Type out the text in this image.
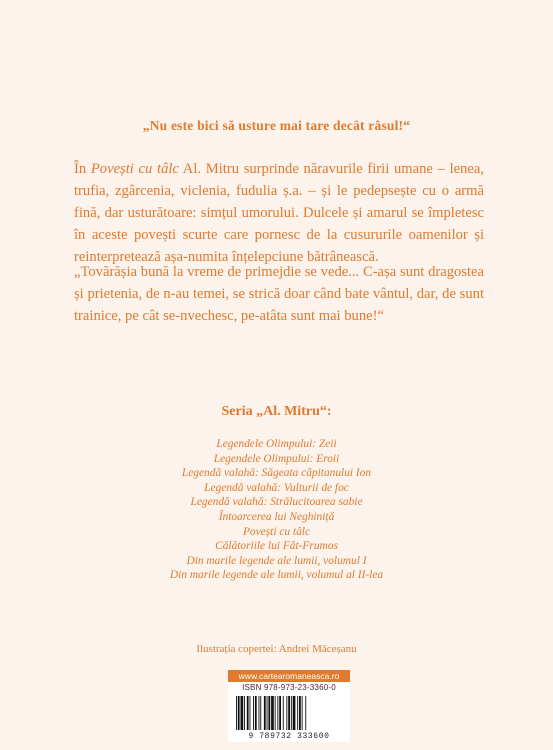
„Nu este bici să usture mai tare decât râsul!“

În Povești cu tâlc Al. Mitru surprinde năravurile firii umane – lenea, trufia, zgârcenia, viclenia, fudulia ș.a. – și le pedepsește cu o armă fină, dar usturătoare: simțul umorului. Dulcele și amarul se împletesc în aceste povești scurte care pornesc de la cusururile oamenilor și reinterpretează așa-numita înțelepciune bătrânească.

„Tovărășia bună la vreme de primejdie se vede... C-așa sunt dragostea și prietenia, de n-au temei, se strică doar când bate vântul, dar, de sunt trainice, pe cât se-nvechesc, pe-atâta sunt mai bune!“

Seria „Al. Mitru“:
Legendele Olimpului: Zeii
Legendele Olimpului: Eroii
Legendă valahă: Săgeata căpitanului Ion
Legendă valahă: Vulturii de foc
Legendă valahă: Strălucitoarea sabie
Întoarcerea lui Neghiniță
Povești cu tâlc
Călătoriile lui Făt-Frumos
Din marile legende ale lumii, volumul I
Din marile legende ale lumii, volumul al II-lea
Ilustrația copertei: Andrei Măceșanu
www.cartearomaneasca.ro
ISBN 978-973-23-3360-0
9 789732 333600
